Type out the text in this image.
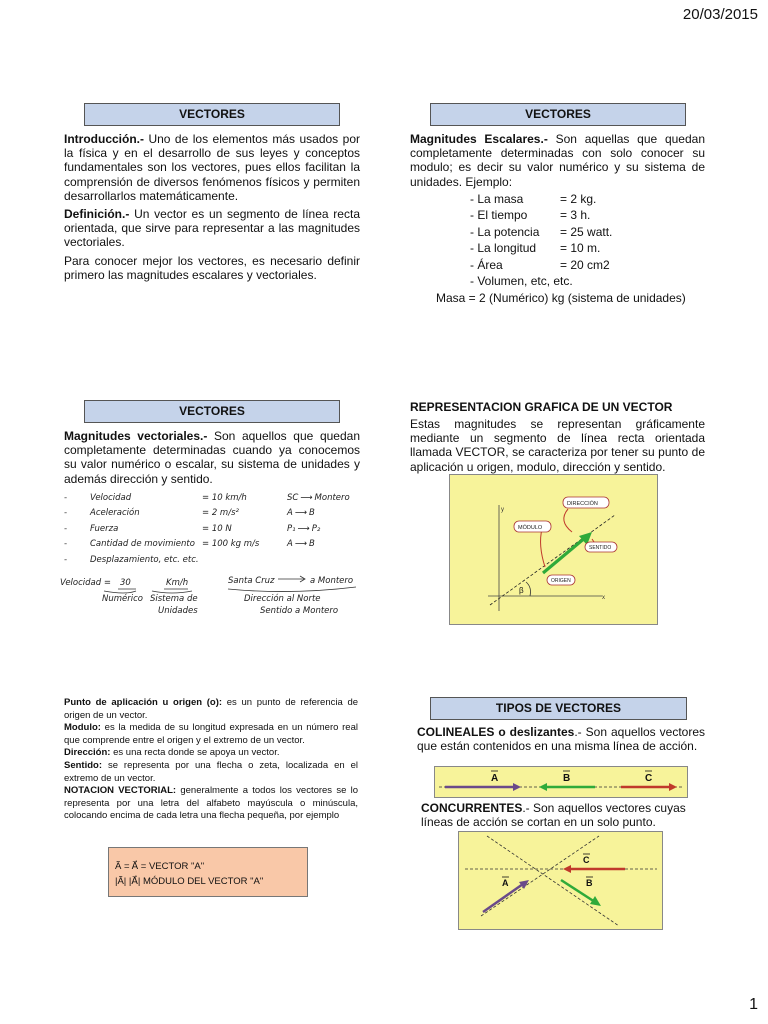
20/03/2015
1
VECTORES

Introducción.- Uno de los elementos más usados por la física y en el desarrollo de sus leyes y conceptos fundamentales son los vectores, pues ellos facilitan la comprensión de diversos fenómenos físicos y permiten desarrollarlos matemáticamente.

Definición.- Un vector es un segmento de línea recta orientada, que sirve para representar a las magnitudes vectoriales.

Para conocer mejor los vectores, es necesario definir primero las magnitudes escalares y vectoriales.

VECTORES

Magnitudes Escalares.- Son aquellas que quedan completamente determinadas con solo conocer su modulo; es decir su valor numérico y su sistema de unidades. Ejemplo:

- La masa	= 2 kg.
- El tiempo	= 3 h.
- La potencia	= 25 watt.
- La longitud	= 10 m.
- Área	= 20 cm2
- Volumen, etc, etc.
Masa = 2 (Numérico) kg (sistema de unidades)
VECTORES

Magnitudes vectoriales.- Son aquellos que quedan completamente determinadas cuando ya conocemos su valor numérico o escalar, su sistema de unidades y además dirección y sentido.

-	Velocidad	= 10 km/h	SC ⟶ Montero
-	Aceleración	= 2 m/s²	A ⟶ B
-	Fuerza	= 10 N	P₁ ⟶ P₂
-	Cantidad de movimiento = 100 kg m/s	A ⟶ B
-	Desplazamiento, etc. etc.
Velocidad = 30	Km/h	Santa Cruz	a Montero
Numérico Sistema de
Unidades
Dirección al Norte
Sentido a Montero
REPRESENTACION GRAFICA DE UN VECTOR

Estas magnitudes se representan gráficamente mediante un segmento de línea recta orientada llamada VECTOR, se caracteriza por tener su punto de aplicación u origen, modulo, dirección y sentido.

y
x
β
DIRECCIÓN
MÓDULO
SENTIDO
ORIGEN

Punto de aplicación u origen (o): es un punto de referencia de origen de un vector.

Modulo: es la medida de su longitud expresada en un número real que comprende entre el origen y el extremo de un vector.

Dirección: es una recta donde se apoya un vector.

Sentido: se representa por una flecha o zeta, localizada en el extremo de un vector.

NOTACION VECTORIAL: generalmente a todos los vectores se lo representa por una letra del alfabeto mayúscula o minúscula, colocando encima de cada letra una flecha pequeña, por ejemplo

Ã = A⃗ = VECTOR "A"
|Ã| |A⃗| MÓDULO DEL VECTOR "A"
TIPOS DE VECTORES

COLINEALES o deslizantes.- Son aquellos vectores que están contenidos en una misma línea de acción.

A	B	C

CONCURRENTES.- Son aquellos vectores cuyas líneas de acción se cortan en un solo punto.

A	B
C
